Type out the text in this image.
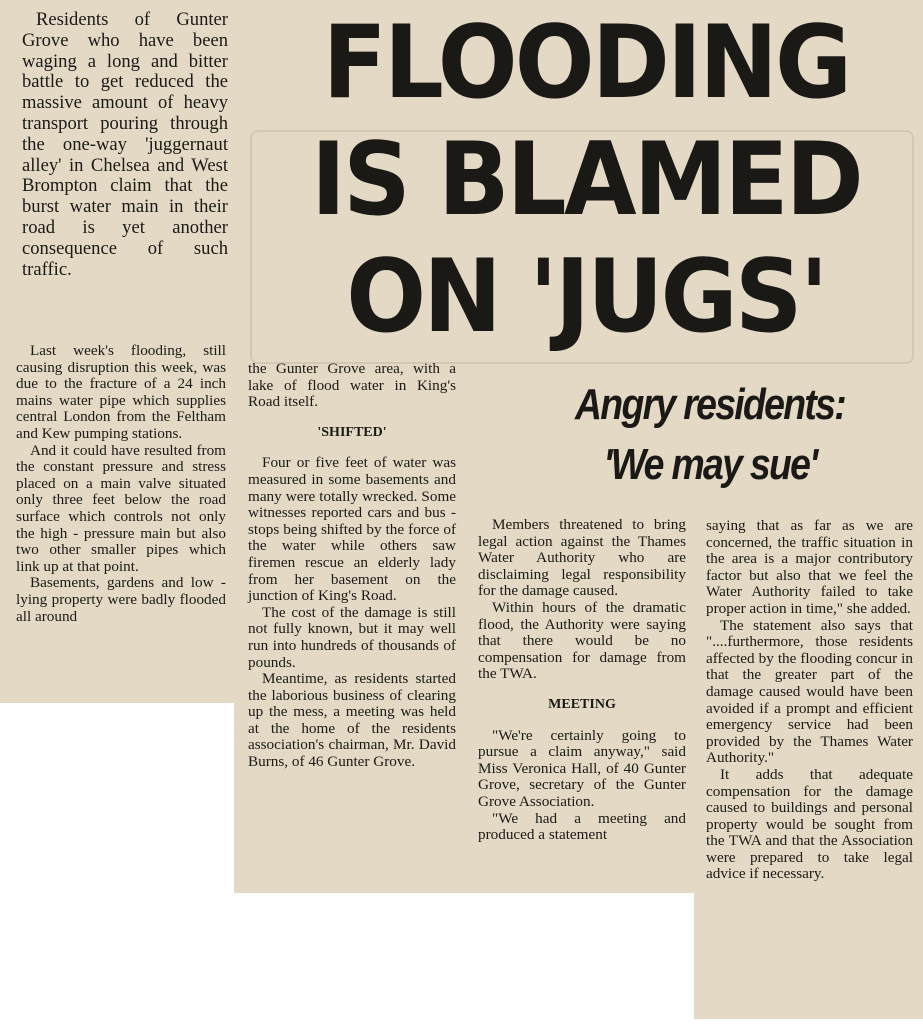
FLOODING
IS BLAMED
ON 'JUGS'
Angry residents:
'We may sue'

Residents of Gunter Grove who have been waging a long and bitter battle to get reduced the massive amount of heavy transport pouring through the one-way 'juggernaut alley' in Chelsea and West Brompton claim that the burst water main in their road is yet another consequence of such traffic.

Last week's flooding, still causing disruption this week, was due to the fracture of a 24 inch mains water pipe which supplies central London from the Feltham and Kew pumping stations.

And it could have resulted from the constant pressure and stress placed on a main valve situated only three feet below the road surface which controls not only the high - pressure main but also two other smaller pipes which link up at that point.

Basements, gardens and low - lying property were badly flooded all around

the Gunter Grove area, with a lake of flood water in King's Road itself.

'SHIFTED'

Four or five feet of water was measured in some basements and many were totally wrecked. Some witnesses reported cars and bus - stops being shifted by the force of the water while others saw firemen rescue an elderly lady from her basement on the junction of King's Road.

The cost of the damage is still not fully known, but it may well run into hundreds of thousands of pounds.

Meantime, as residents started the laborious business of clearing up the mess, a meeting was held at the home of the residents association's chairman, Mr. David Burns, of 46 Gunter Grove.

Members threatened to bring legal action against the Thames Water Authority who are disclaiming legal responsibility for the damage caused.

Within hours of the dramatic flood, the Authority were saying that there would be no compensation for damage from the TWA.

MEETING

"We're certainly going to pursue a claim anyway," said Miss Veronica Hall, of 40 Gunter Grove, secretary of the Gunter Grove Association.

"We had a meeting and produced a statement

saying that as far as we are concerned, the traffic situation in the area is a major contributory factor but also that we feel the Water Authority failed to take proper action in time," she added.

The statement also says that "....furthermore, those residents affected by the flooding concur in that the greater part of the damage caused would have been avoided if a prompt and efficient emergency service had been provided by the Thames Water Authority."

It adds that adequate compensation for the damage caused to buildings and personal property would be sought from the TWA and that the Association were prepared to take legal advice if necessary.
